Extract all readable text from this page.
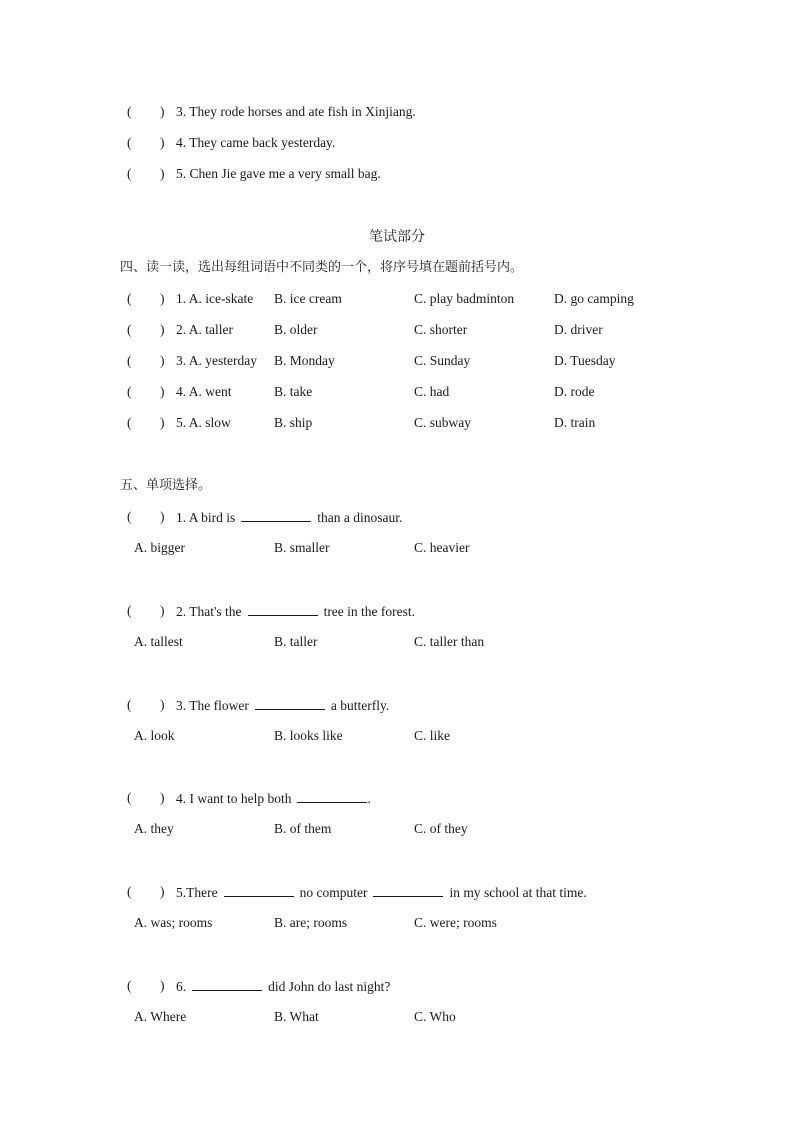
( ) 3. They rode horses and ate fish in Xinjiang.
( ) 4. They came back yesterday.
( ) 5. Chen Jie gave me a very small bag.
笔试部分
四、读一读，选出每组词语中不同类的一个，将序号填在题前括号内。
( ) 1. A. ice-skate B. ice cream	C. play badminton	D. go camping
( ) 2. A. taller	B. older	C. shorter	D. driver
( ) 3. A. yesterday B. Monday	C. Sunday	D. Tuesday
( ) 4. A. went	B. take	C. had	D. rode
( ) 5. A. slow	B. ship	C. subway	D. train
五、单项选择。
( ) 1. A bird is	than a dinosaur.
A. bigger	B. smaller	C. heavier
( ) 2. That's the	tree in the forest.
A. tallest	B. taller	C. taller than
( ) 3. The flower	a butterfly.
A. look	B. looks like	C. like
( ) 4. I want to help both	.
A. they	B. of them	C. of they
( ) 5.There	no computer	in my school at that time.
A. was; rooms	B. are; rooms	C. were; rooms
( ) 6.	did John do last night?
A. Where	B. What	C. Who
